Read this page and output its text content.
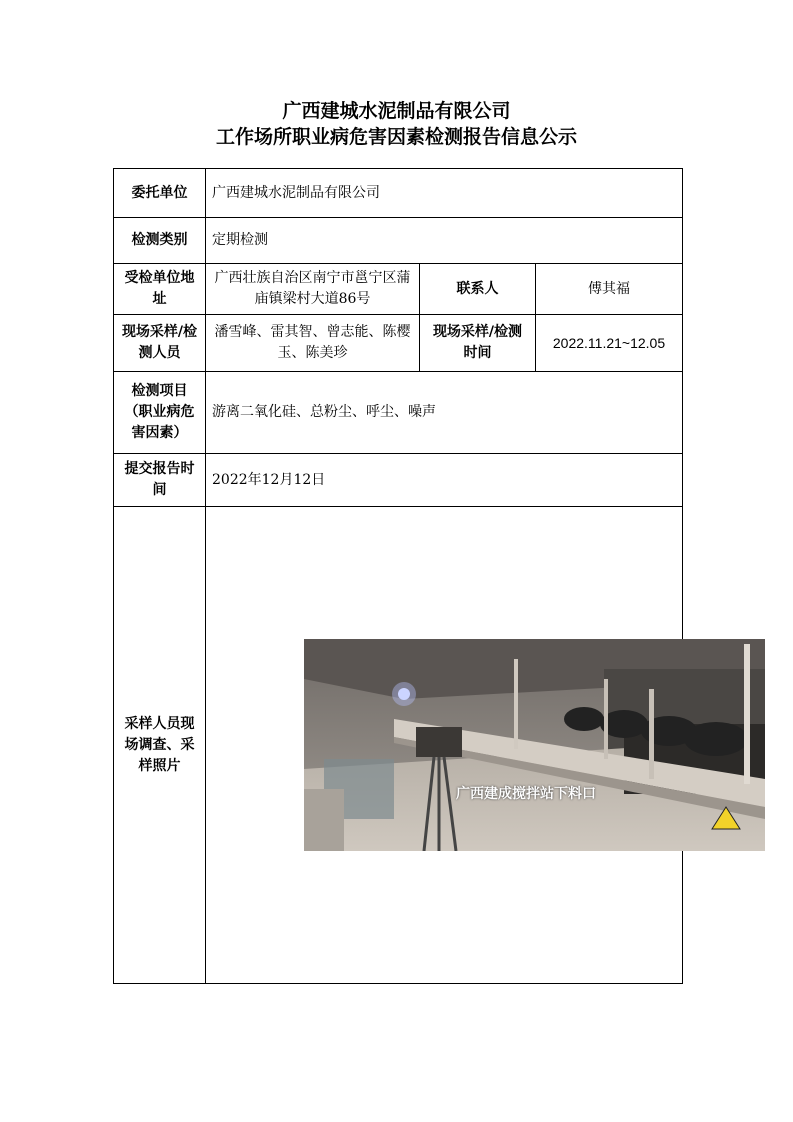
广西建城水泥制品有限公司
工作场所职业病危害因素检测报告信息公示
委托单位	广西建城水泥制品有限公司		
检测类别	定期检测		
受检单位地址	广西壮族自治区南宁市邕宁区蒲庙镇梁村大道86号	联系人	傅其福
现场采样/检测人员	潘雪峰、雷其智、曾志能、陈樱玉、陈美珍	现场采样/检测时间	2022.11.21~12.05
检测项目（职业病危害因素）	游离二氧化硅、总粉尘、呼尘、噪声		
提交报告时间	2022年12月12日		
采样人员现场调查、采样照片	广西建成搅拌站下料口		
